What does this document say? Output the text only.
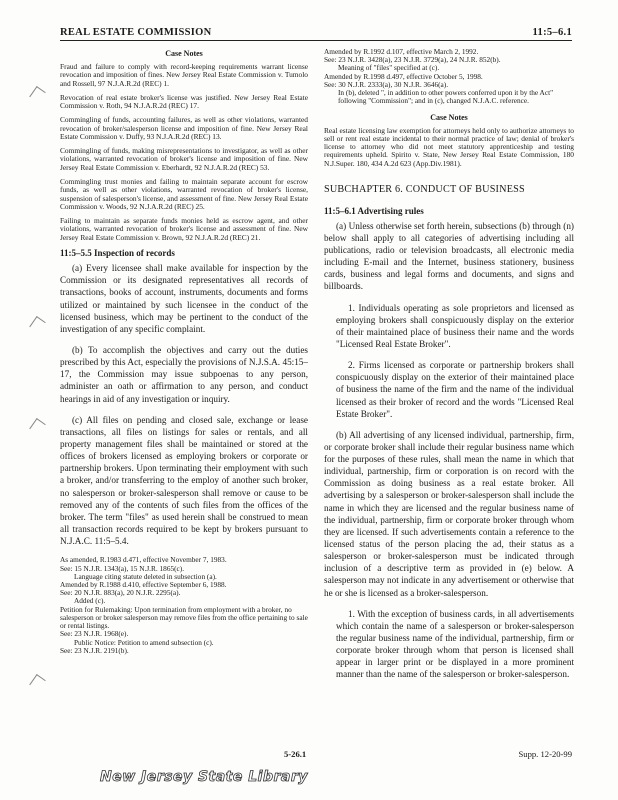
REAL ESTATE COMMISSION	11:5–6.1
Case Notes

Fraud and failure to comply with record-keeping requirements warrant license revocation and imposition of fines. New Jersey Real Estate Commission v. Tumolo and Rossell, 97 N.J.A.R.2d (REC) 1.

Revocation of real estate broker's license was justified. New Jersey Real Estate Commission v. Roth, 94 N.J.A.R.2d (REC) 17.

Commingling of funds, accounting failures, as well as other violations, warranted revocation of broker/salesperson license and imposition of fine. New Jersey Real Estate Commission v. Duffy, 93 N.J.A.R.2d (REC) 13.

Commingling of funds, making misrepresentations to investigator, as well as other violations, warranted revocation of broker's license and imposition of fine. New Jersey Real Estate Commission v. Eberhardt, 92 N.J.A.R.2d (REC) 53.

Commingling trust monies and failing to maintain separate account for escrow funds, as well as other violations, warranted revocation of broker's license, suspension of salesperson's license, and assessment of fine. New Jersey Real Estate Commission v. Woods, 92 N.J.A.R.2d (REC) 25.

Failing to maintain as separate funds monies held as escrow agent, and other violations, warranted revocation of broker's license and assessment of fine. New Jersey Real Estate Commission v. Brown, 92 N.J.A.R.2d (REC) 21.

11:5–5.5 Inspection of records

(a) Every licensee shall make available for inspection by the Commission or its designated representatives all records of transactions, books of account, instruments, documents and forms utilized or maintained by such licensee in the conduct of the licensed business, which may be pertinent to the conduct of the investigation of any specific complaint.

(b) To accomplish the objectives and carry out the duties prescribed by this Act, especially the provisions of N.J.S.A. 45:15–17, the Commission may issue subpoenas to any person, administer an oath or affirmation to any person, and conduct hearings in aid of any investigation or inquiry.

(c) All files on pending and closed sale, exchange or lease transactions, all files on listings for sales or rentals, and all property management files shall be maintained or stored at the offices of brokers licensed as employing brokers or corporate or partnership brokers. Upon terminating their employment with such a broker, and/or transferring to the employ of another such broker, no salesperson or broker-salesperson shall remove or cause to be removed any of the contents of such files from the offices of the broker. The term "files" as used herein shall be construed to mean all transaction records required to be kept by brokers pursuant to N.J.A.C. 11:5–5.4.

As amended, R.1983 d.471, effective November 7, 1983.
See: 15 N.J.R. 1343(a), 15 N.J.R. 1865(c).
Language citing statute deleted in subsection (a).
Amended by R.1988 d.410, effective September 6, 1988.
See: 20 N.J.R. 883(a), 20 N.J.R. 2295(a).
Added (c).
Petition for Rulemaking: Upon termination from employment with a broker, no salesperson or broker salesperson may remove files from the office pertaining to sale or rental listings.
See: 23 N.J.R. 1968(e).
Public Notice: Petition to amend subsection (c).
See: 23 N.J.R. 2191(b).
Amended by R.1992 d.107, effective March 2, 1992.
See: 23 N.J.R. 3428(a), 23 N.J.R. 3729(a), 24 N.J.R. 852(b).
Meaning of "files" specified at (c).
Amended by R.1998 d.497, effective October 5, 1998.
See: 30 N.J.R. 2333(a), 30 N.J.R. 3646(a).
In (b), deleted ", in addition to other powers conferred upon it by the Act" following "Commission"; and in (c), changed N.J.A.C. reference.
Case Notes

Real estate licensing law exemption for attorneys held only to authorize attorneys to sell or rent real estate incidental to their normal practice of law; denial of broker's license to attorney who did not meet statutory apprenticeship and testing requirements upheld. Spirito v. State, New Jersey Real Estate Commission, 180 N.J.Super. 180, 434 A.2d 623 (App.Div.1981).

SUBCHAPTER 6. CONDUCT OF BUSINESS
11:5–6.1 Advertising rules

(a) Unless otherwise set forth herein, subsections (b) through (n) below shall apply to all categories of advertising including all publications, radio or television broadcasts, all electronic media including E-mail and the Internet, business stationery, business cards, business and legal forms and documents, and signs and billboards.

1. Individuals operating as sole proprietors and licensed as employing brokers shall conspicuously display on the exterior of their maintained place of business their name and the words "Licensed Real Estate Broker".

2. Firms licensed as corporate or partnership brokers shall conspicuously display on the exterior of their maintained place of business the name of the firm and the name of the individual licensed as their broker of record and the words "Licensed Real Estate Broker".

(b) All advertising of any licensed individual, partnership, firm, or corporate broker shall include their regular business name which for the purposes of these rules, shall mean the name in which that individual, partnership, firm or corporation is on record with the Commission as doing business as a real estate broker. All advertising by a salesperson or broker-salesperson shall include the name in which they are licensed and the regular business name of the individual, partnership, firm or corporate broker through whom they are licensed. If such advertisements contain a reference to the licensed status of the person placing the ad, their status as a salesperson or broker-salesperson must be indicated through inclusion of a descriptive term as provided in (e) below. A salesperson may not indicate in any advertisement or otherwise that he or she is licensed as a broker-salesperson.

1. With the exception of business cards, in all advertisements which contain the name of a salesperson or broker-salesperson the regular business name of the individual, partnership, firm or corporate broker through whom that person is licensed shall appear in larger print or be displayed in a more prominent manner than the name of the salesperson or broker-salesperson.

5-26.1	Supp. 12-20-99
New Jersey State Library
